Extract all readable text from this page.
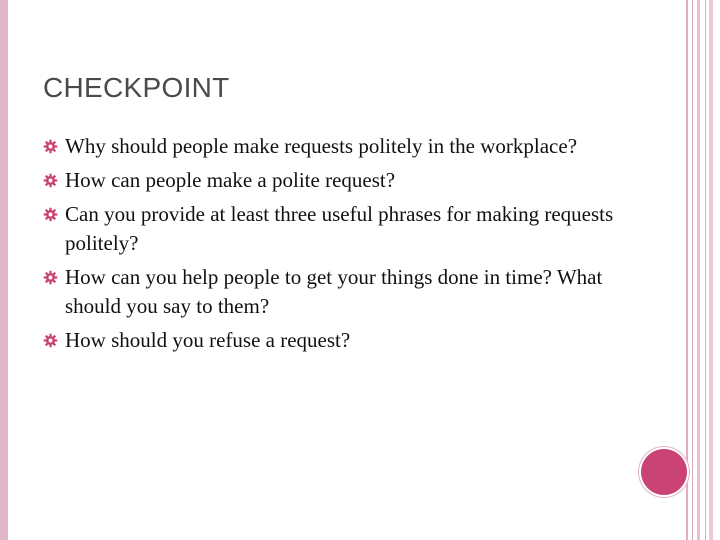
CHECKPOINT
Why should people make requests politely in the workplace?
How can people make a polite request?
Can you provide at least three useful phrases for making requests politely?
How can you help people to get your things done in time? What should you say to them?
How should you refuse a request?
